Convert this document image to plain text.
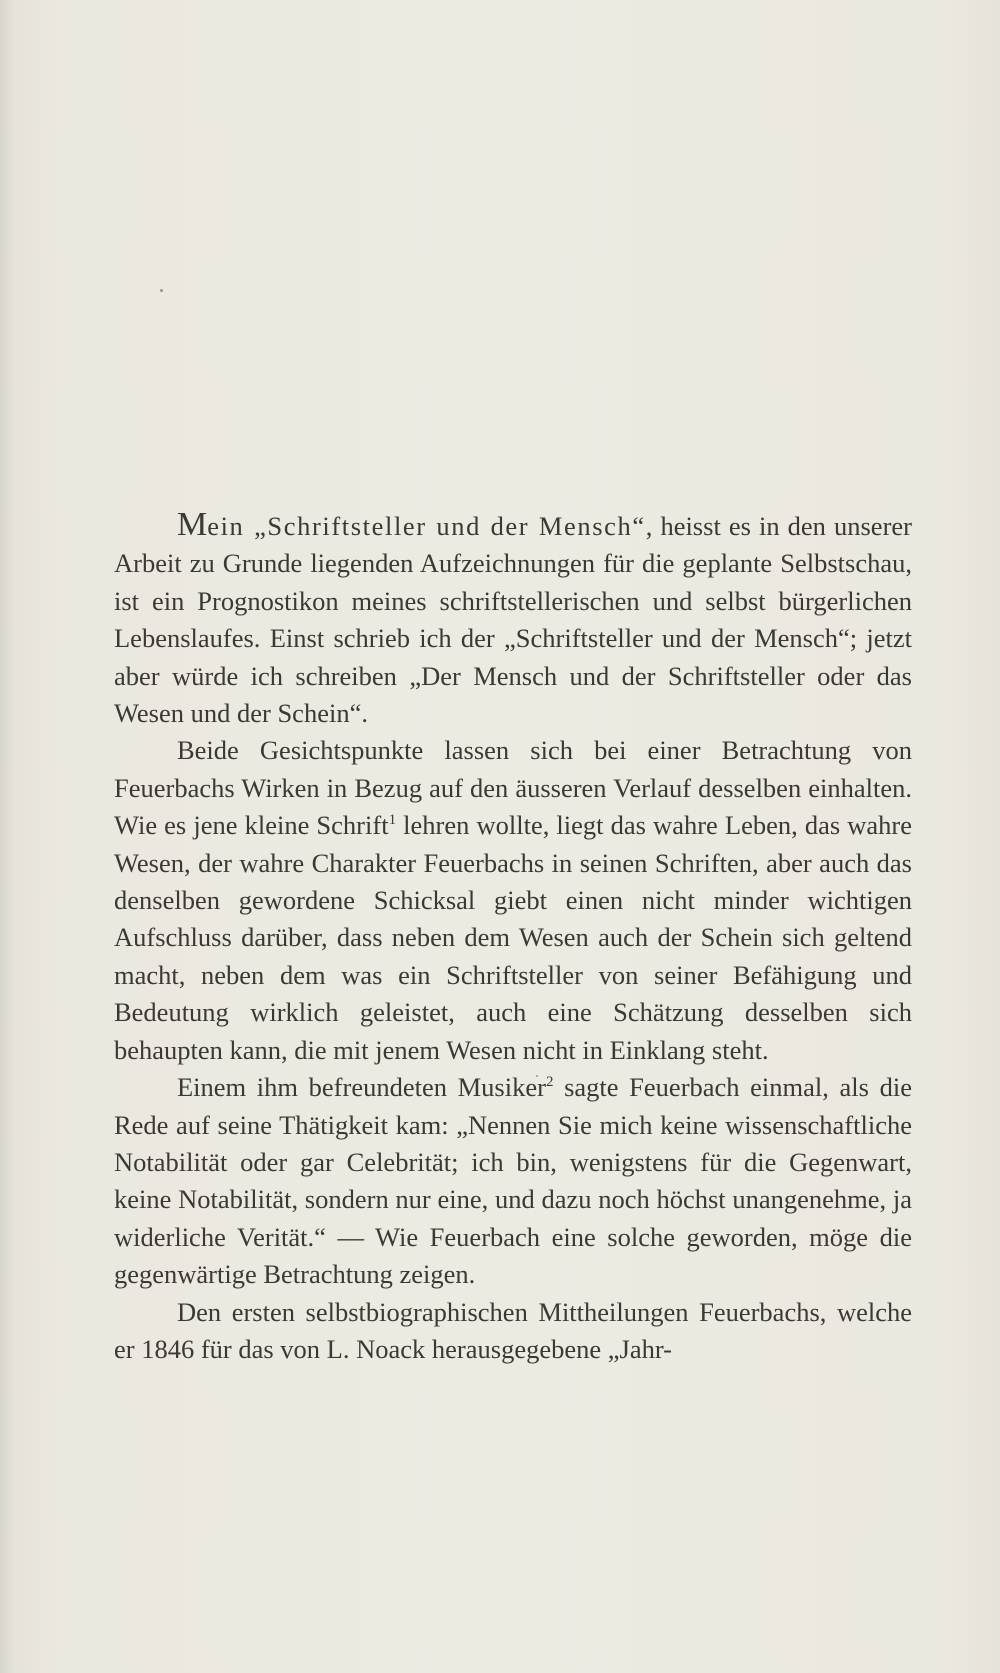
Mein „Schriftsteller und der Mensch“, heisst es in den unserer Arbeit zu Grunde liegenden Aufzeichnungen für die geplante Selbstschau, ist ein Prognostikon meines schriftstellerischen und selbst bürgerlichen Lebenslaufes. Einst schrieb ich der „Schriftsteller und der Mensch“; jetzt aber würde ich schreiben „Der Mensch und der Schriftsteller oder das Wesen und der Schein“.

Beide Gesichtspunkte lassen sich bei einer Betrachtung von Feuerbachs Wirken in Bezug auf den äusseren Verlauf desselben einhalten. Wie es jene kleine Schrift$^1$ lehren wollte, liegt das wahre Leben, das wahre Wesen, der wahre Charakter Feuerbachs in seinen Schriften, aber auch das denselben gewordene Schicksal giebt einen nicht minder wichtigen Aufschluss darüber, dass neben dem Wesen auch der Schein sich geltend macht, neben dem was ein Schriftsteller von seiner Befähigung und Bedeutung wirklich geleistet, auch eine Schätzung desselben sich behaupten kann, die mit jenem Wesen nicht in Einklang steht.

Einem ihm befreundeten Musiker$^2$ sagte Feuerbach einmal, als die Rede auf seine Thätigkeit kam: „Nennen Sie mich keine wissenschaftliche Notabilität oder gar Celebrität; ich bin, wenigstens für die Gegenwart, keine Notabilität, sondern nur eine, und dazu noch höchst unangenehme, ja widerliche Verität.“ — Wie Feuerbach eine solche geworden, möge die gegenwärtige Betrachtung zeigen.

Den ersten selbstbiographischen Mittheilungen Feuerbachs, welche er 1846 für das von L. Noack herausgegebene „Jahr-
